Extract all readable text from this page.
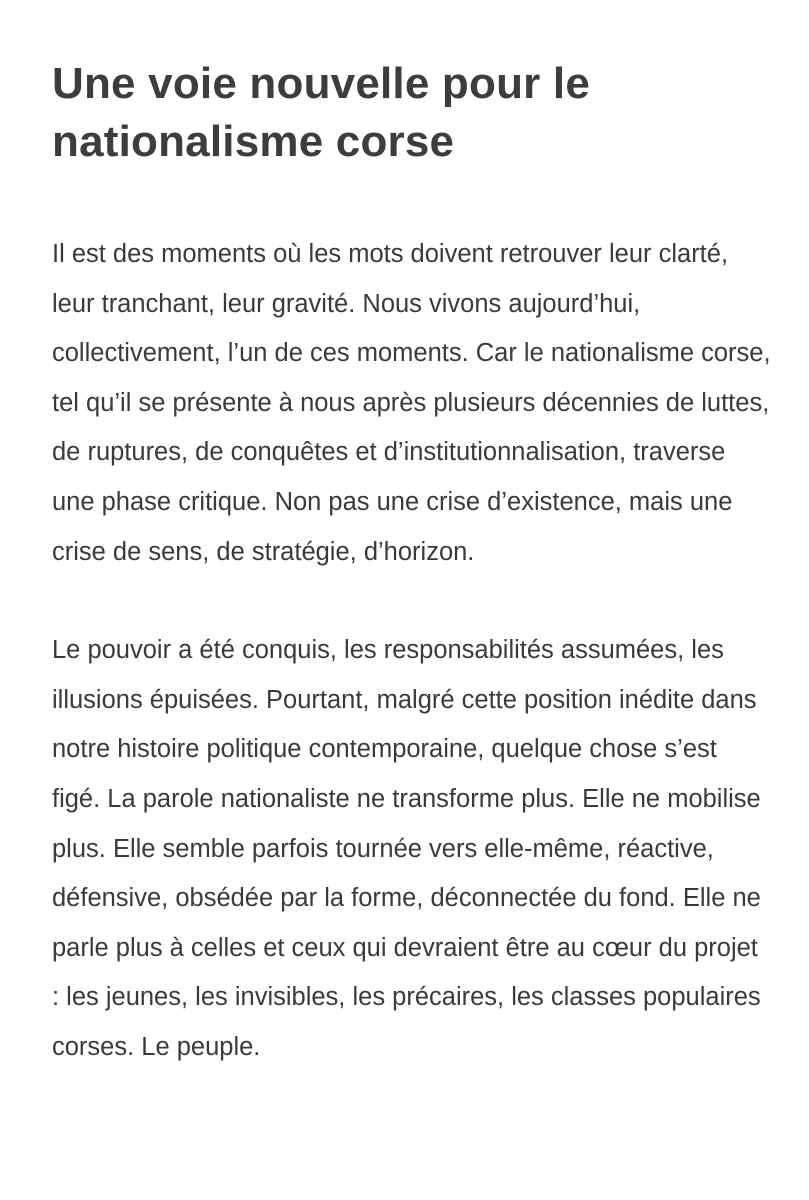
Une voie nouvelle pour le nationalisme corse

Il est des moments où les mots doivent retrouver leur clarté, leur tranchant, leur gravité. Nous vivons aujourd’hui, collectivement, l’un de ces moments. Car le nationalisme corse, tel qu’il se présente à nous après plusieurs décennies de luttes, de ruptures, de conquêtes et d’institutionnalisation, traverse une phase critique. Non pas une crise d’existence, mais une crise de sens, de stratégie, d’horizon.

Le pouvoir a été conquis, les responsabilités assumées, les illusions épuisées. Pourtant, malgré cette position inédite dans notre histoire politique contemporaine, quelque chose s’est figé. La parole nationaliste ne transforme plus. Elle ne mobilise plus. Elle semble parfois tournée vers elle-même, réactive, défensive, obsédée par la forme, déconnectée du fond. Elle ne parle plus à celles et ceux qui devraient être au cœur du projet : les jeunes, les invisibles, les précaires, les classes populaires corses. Le peuple.
